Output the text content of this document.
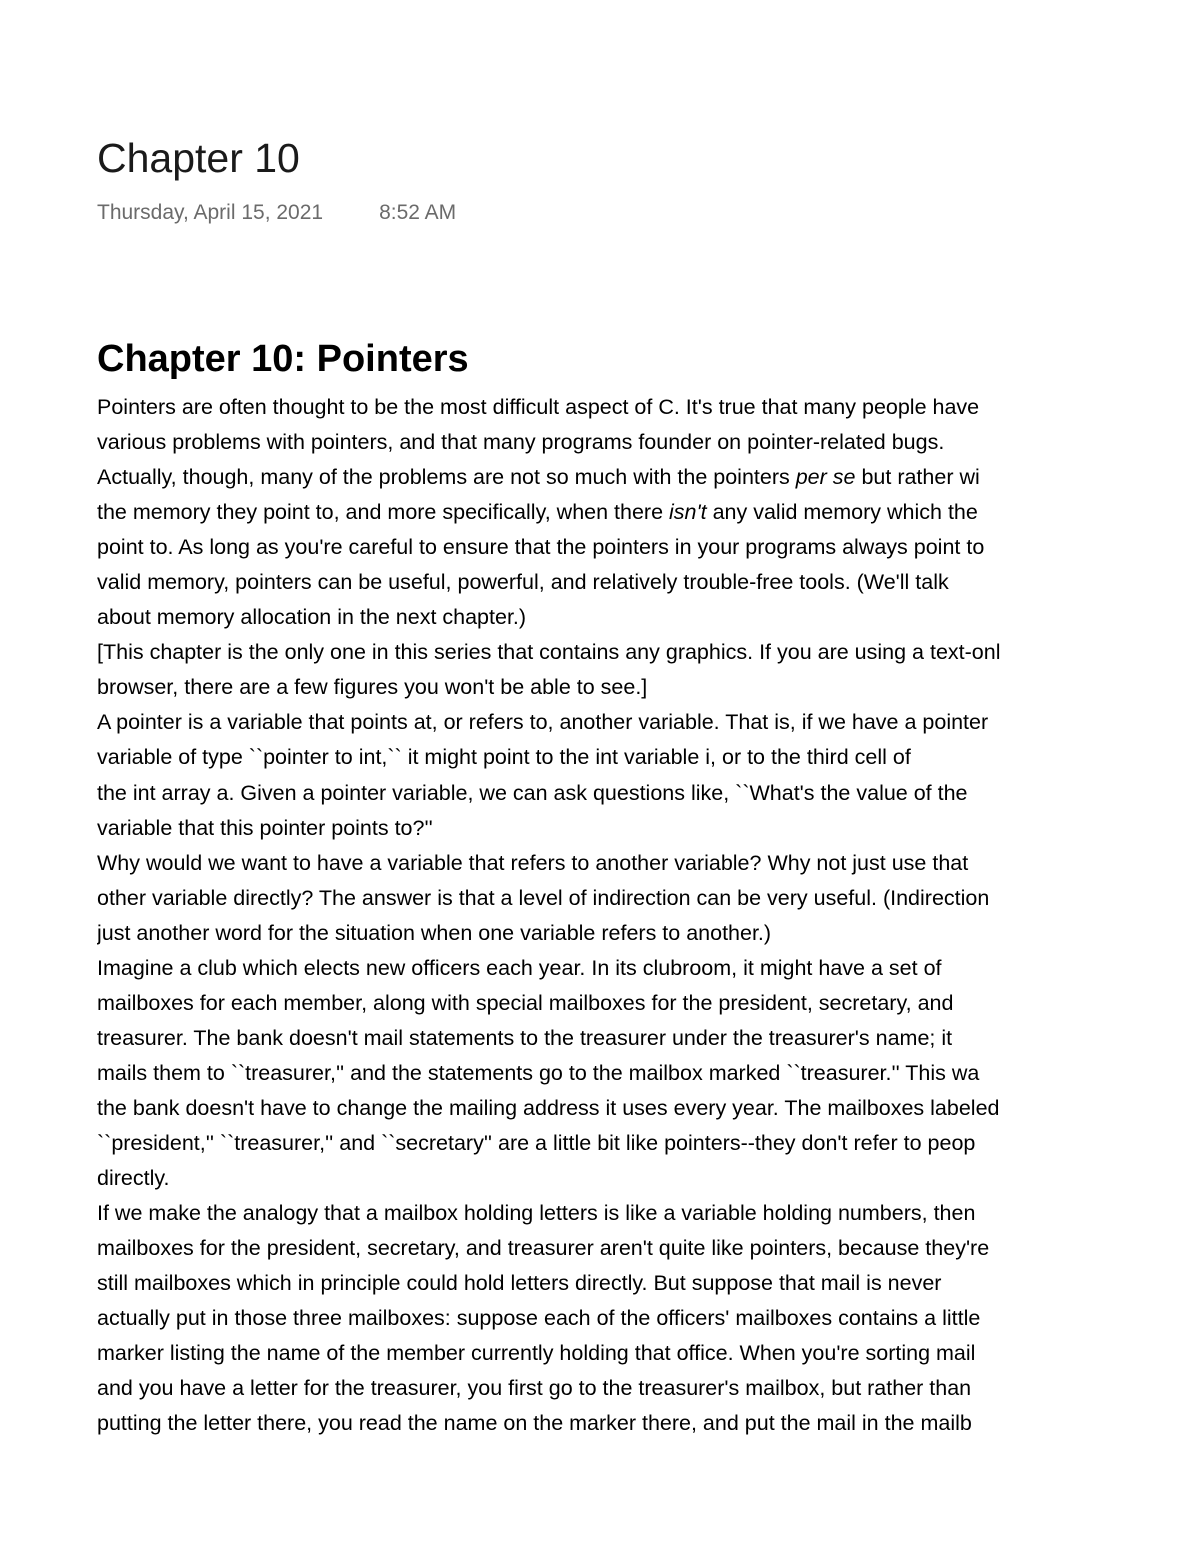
Chapter 10
Thursday, April 15, 2021	8:52 AM
Chapter 10: Pointers
Pointers are often thought to be the most difficult aspect of C. It's true that many people have
various problems with pointers, and that many programs founder on pointer-related bugs.
Actually, though, many of the problems are not so much with the pointers per se but rather wi
the memory they point to, and more specifically, when there isn't any valid memory which the
point to. As long as you're careful to ensure that the pointers in your programs always point to
valid memory, pointers can be useful, powerful, and relatively trouble-free tools. (We'll talk
about memory allocation in the next chapter.)
[This chapter is the only one in this series that contains any graphics. If you are using a text-onl
browser, there are a few figures you won't be able to see.]
A pointer is a variable that points at, or refers to, another variable. That is, if we have a pointer
variable of type ``pointer to int,`` it might point to the int variable i, or to the third cell of
the int array a. Given a pointer variable, we can ask questions like, ``What's the value of the
variable that this pointer points to?''
Why would we want to have a variable that refers to another variable? Why not just use that
other variable directly? The answer is that a level of indirection can be very useful. (Indirection
just another word for the situation when one variable refers to another.)
Imagine a club which elects new officers each year. In its clubroom, it might have a set of
mailboxes for each member, along with special mailboxes for the president, secretary, and
treasurer. The bank doesn't mail statements to the treasurer under the treasurer's name; it
mails them to ``treasurer,'' and the statements go to the mailbox marked ``treasurer.'' This wa
the bank doesn't have to change the mailing address it uses every year. The mailboxes labeled
``president,'' ``treasurer,'' and ``secretary'' are a little bit like pointers--they don't refer to peop
directly.
If we make the analogy that a mailbox holding letters is like a variable holding numbers, then
mailboxes for the president, secretary, and treasurer aren't quite like pointers, because they're
still mailboxes which in principle could hold letters directly. But suppose that mail is never
actually put in those three mailboxes: suppose each of the officers' mailboxes contains a little
marker listing the name of the member currently holding that office. When you're sorting mail
and you have a letter for the treasurer, you first go to the treasurer's mailbox, but rather than
putting the letter there, you read the name on the marker there, and put the mail in the mailb
